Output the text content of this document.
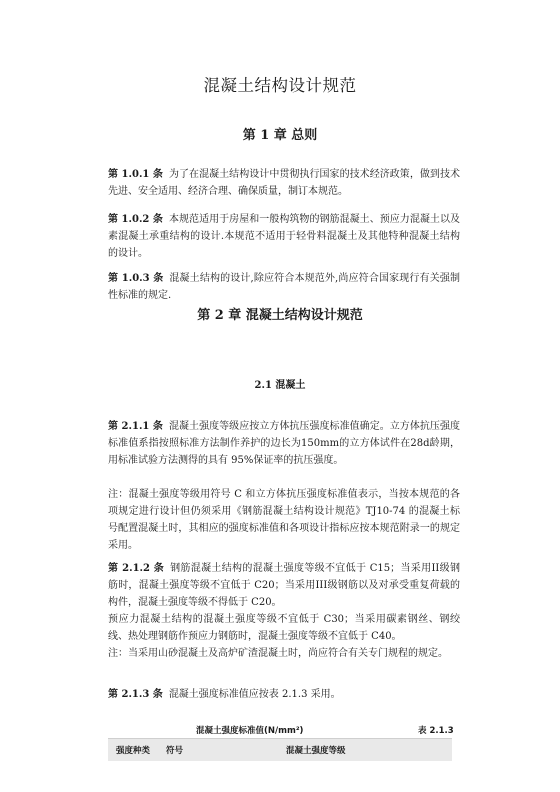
混凝土结构设计规范
第 1 章 总则

第 1.0.1 条 为了在混凝土结构设计中贯彻执行国家的技术经济政策，做到技术先进、安全适用、经济合理、确保质量，制订本规范。

第 1.0.2 条 本规范适用于房屋和一般构筑物的钢筋混凝土、预应力混凝土以及素混凝土承重结构的设计.本规范不适用于轻骨料混凝土及其他特种混凝土结构的设计。

第 1.0.3 条 混凝土结构的设计,除应符合本规范外,尚应符合国家现行有关强制性标准的规定.

第 2 章 混凝土结构设计规范
2.1 混凝土

第 2.1.1 条 混凝土强度等级应按立方体抗压强度标准值确定。立方体抗压强度标准值系指按照标准方法制作养护的边长为150mm的立方体试件在28d龄期，用标准试验方法测得的具有 95%保证率的抗压强度。

注：混凝土强度等级用符号 C 和立方体抗压强度标准值表示，当按本规范的各项规定进行设计但仍须采用《钢筋混凝土结构设计规范》TJ10-74 的混凝土标号配置混凝土时，其相应的强度标准值和各项设计指标应按本规范附录一的规定采用。

第 2.1.2 条 钢筋混凝土结构的混凝土强度等级不宜低于 C15；当采用II级钢筋时，混凝土强度等级不宜低于 C20；当采用III级钢筋以及对承受重复荷载的构件，混凝土强度等级不得低于 C20。

预应力混凝土结构的混凝土强度等级不宜低于 C30；当采用碳素钢丝、钢绞线、热处理钢筋作预应力钢筋时，混凝土强度等级不宜低于 C40。

注：当采用山砂混凝土及高炉矿渣混凝土时，尚应符合有关专门规程的规定。

第 2.1.3 条 混凝土强度标准值应按表 2.1.3 采用。

混凝土强度标准值(N/mm²)	表 2.1.3
强度种类 符号	混凝土强度等级
